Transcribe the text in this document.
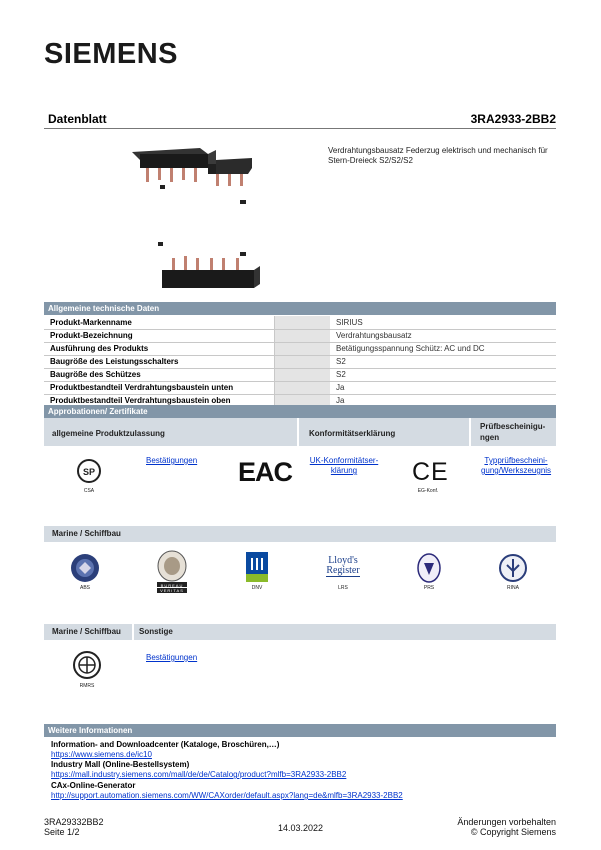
SIEMENS
Datenblatt	3RA2933-2BB2
Verdrahtungsbausatz Federzug elektrisch und mechanisch für Stern-Dreieck S2/S2/S2
Allgemeine technische Daten
Produkt-Markenname		SIRIUS
Produkt-Bezeichnung		Verdrahtungsbausatz
Ausführung des Produkts		Betätigungsspannung Schütz: AC und DC
Baugröße des Leistungsschalters		S2
Baugröße des Schützes		S2
Produktbestandteil Verdrahtungsbaustein unten		Ja
Produktbestandteil Verdrahtungsbaustein oben		Ja
Approbationen/ Zertifikate
allgemeine Produktzulassung	Konformitätserklärung
Prüfbescheinigu-ngen
SP
CSA
Bestätigungen EAC	UK-Konformitätser-klärung	CE
EG-Konf.
Typprüfbescheini-gung/Werkszeugnis
Marine / Schiffbau
ABS	BUREAU VERITAS	DNV
Lloyd's Register
LRS	PRS	RINA
Marine / Schiffbau	Sonstige
RMRS
Bestätigungen
Weitere Informationen
Information- and Downloadcenter (Kataloge, Broschüren,…)
https://www.siemens.de/ic10
Industry Mall (Online-Bestellsystem)
https://mall.industry.siemens.com/mall/de/de/Catalog/product?mlfb=3RA2933-2BB2
CAx-Online-Generator
http://support.automation.siemens.com/WW/CAXorder/default.aspx?lang=de&mlfb=3RA2933-2BB2
3RA29332BB2
Seite 1/2	14.03.2022
Änderungen vorbehalten
© Copyright Siemens
